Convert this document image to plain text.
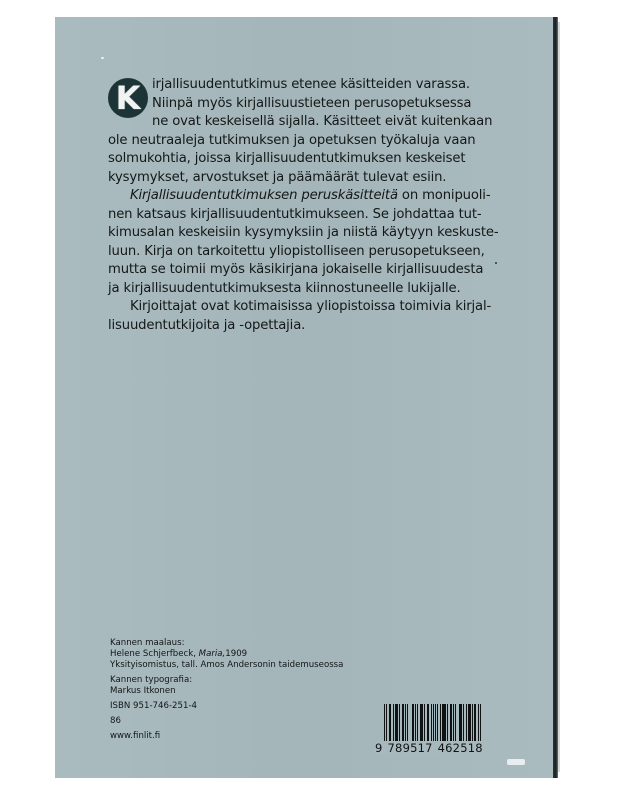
K irjallisuudentutkimus etenee käsitteiden varassa.
Niinpä myös kirjallisuustieteen perusopetuksessa
ne ovat keskeisellä sijalla. Käsitteet eivät kuitenkaan
ole neutraaleja tutkimuksen ja opetuksen työkaluja vaan
solmukohtia, joissa kirjallisuudentutkimuksen keskeiset
kysymykset, arvostukset ja päämäärät tulevat esiin.

Kirjallisuudentutkimuksen peruskäsitteitä on monipuoli-
nen katsaus kirjallisuudentutkimukseen. Se johdattaa tut-
kimusalan keskeisiin kysymyksiin ja niistä käytyyn keskuste-
luun. Kirja on tarkoitettu yliopistolliseen perusopetukseen,
mutta se toimii myös käsikirjana jokaiselle kirjallisuudesta
ja kirjallisuudentutkimuksesta kiinnostuneelle lukijalle.

Kirjoittajat ovat kotimaisissa yliopistoissa toimivia kirjal-
lisuudentutkijoita ja -opettajia.

Kannen maalaus:
Helene Schjerfbeck, Maria,1909
Yksityisomistus, tall. Amos Andersonin taidemuseossa
Kannen typografia:
Markus Itkonen
ISBN 951-746-251-4
86
www.finlit.fi
9 789517 462518
